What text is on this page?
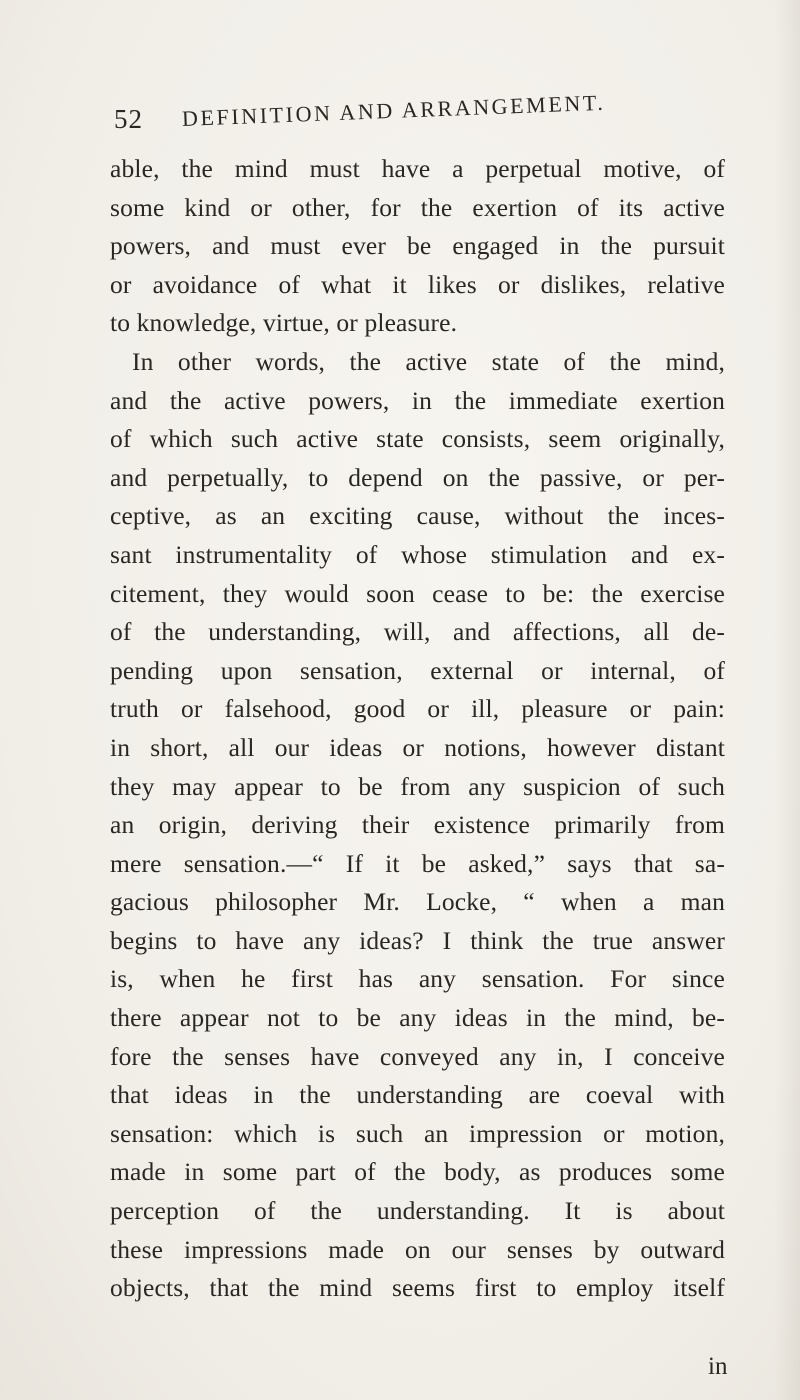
52 DEFINITION AND ARRANGEMENT.
able, the mind must have a perpetual motive, of
some kind or other, for the exertion of its active
powers, and must ever be engaged in the pursuit
or avoidance of what it likes or dislikes, relative
to knowledge, virtue, or pleasure.
In other words, the active state of the mind,
and the active powers, in the immediate exertion
of which such active state consists, seem originally,
and perpetually, to depend on the passive, or per-
ceptive, as an exciting cause, without the inces-
sant instrumentality of whose stimulation and ex-
citement, they would soon cease to be: the exercise
of the understanding, will, and affections, all de-
pending upon sensation, external or internal, of
truth or falsehood, good or ill, pleasure or pain:
in short, all our ideas or notions, however distant
they may appear to be from any suspicion of such
an origin, deriving their existence primarily from
mere sensation.—“ If it be asked,” says that sa-
gacious philosopher Mr. Locke, “ when a man
begins to have any ideas? I think the true answer
is, when he first has any sensation. For since
there appear not to be any ideas in the mind, be-
fore the senses have conveyed any in, I conceive
that ideas in the understanding are coeval with
sensation: which is such an impression or motion,
made in some part of the body, as produces some
perception of the understanding. It is about
these impressions made on our senses by outward
objects, that the mind seems first to employ itself
in
